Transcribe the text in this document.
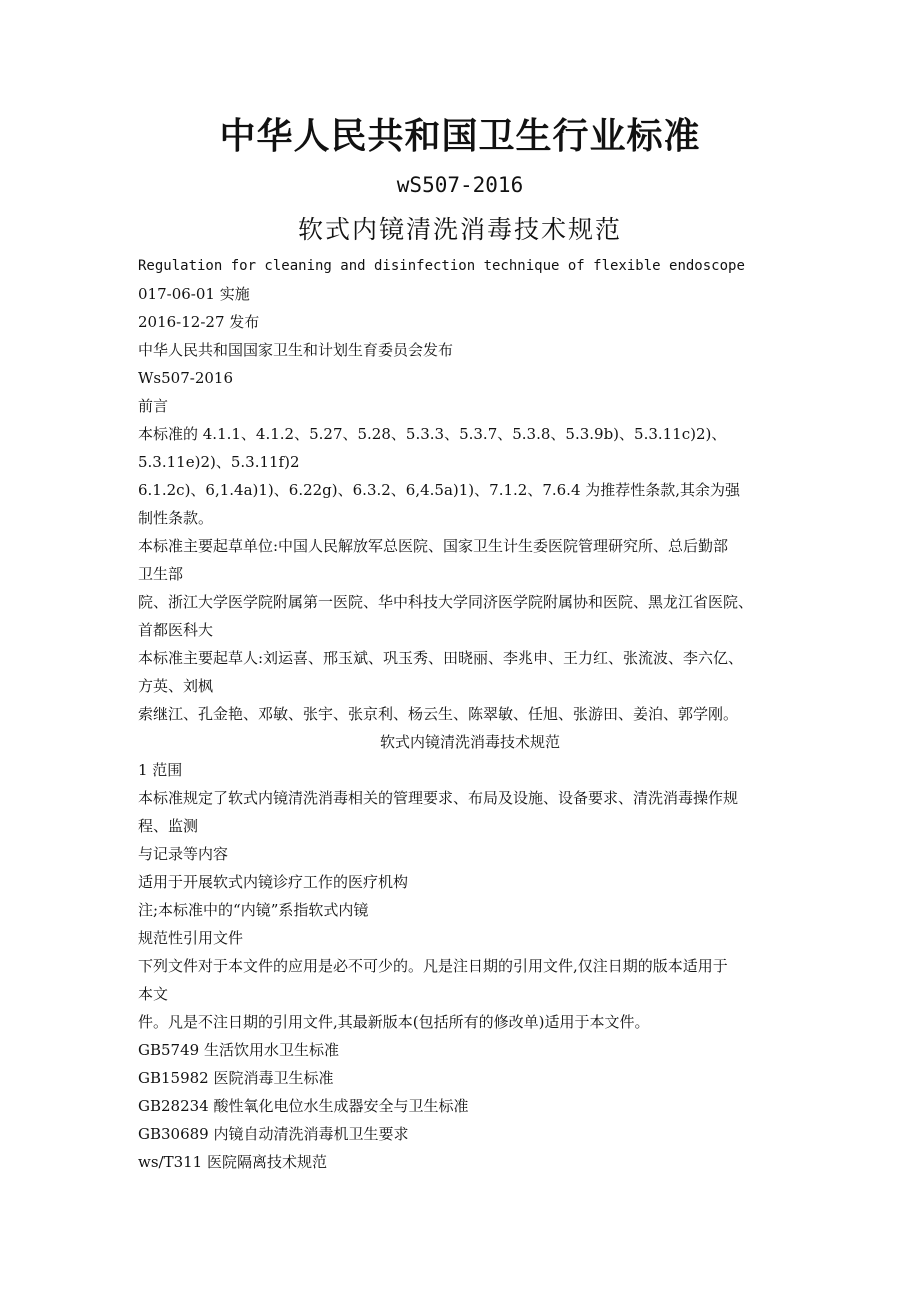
中华人民共和国卫生行业标准
wS507-2016
软式内镜清洗消毒技术规范
Regulation for cleaning and disinfection technique of flexible endoscope
017-06-01 实施
2016-12-27 发布
中华人民共和国国家卫生和计划生育委员会发布
Ws507-2016
前言
本标准的 4.1.1、4.1.2、5.27、5.28、5.3.3、5.3.7、5.3.8、5.3.9b)、5.3.11c)2)、
5.3.11e)2)、5.3.11f)2
6.1.2c)、6,1.4a)1)、6.22g)、6.3.2、6,4.5a)1)、7.1.2、7.6.4 为推荐性条款,其余为强
制性条款。
本标准主要起草单位:中国人民解放军总医院、国家卫生计生委医院管理研究所、总后勤部
卫生部
院、浙江大学医学院附属第一医院、华中科技大学同济医学院附属协和医院、黑龙江省医院、
首都医科大
本标准主要起草人:刘运喜、邢玉斌、巩玉秀、田晓丽、李兆申、王力红、张流波、李六亿、
方英、刘枫
索继江、孔金艳、邓敏、张宇、张京利、杨云生、陈翠敏、任旭、张游田、姜泊、郭学刚。
软式内镜清洗消毒技术规范
1 范围
本标准规定了软式内镜清洗消毒相关的管理要求、布局及设施、设备要求、清洗消毒操作规
程、监测
与记录等内容
适用于开展软式内镜诊疗工作的医疗机构
注;本标准中的“内镜”系指软式内镜
规范性引用文件
下列文件对于本文件的应用是必不可少的。凡是注日期的引用文件,仅注日期的版本适用于
本文
件。凡是不注日期的引用文件,其最新版本(包括所有的修改单)适用于本文件。
GB5749 生活饮用水卫生标准
GB15982 医院消毒卫生标准
GB28234 酸性氧化电位水生成器安全与卫生标准
GB30689 内镜自动清洗消毒机卫生要求
ws/T311 医院隔离技术规范
